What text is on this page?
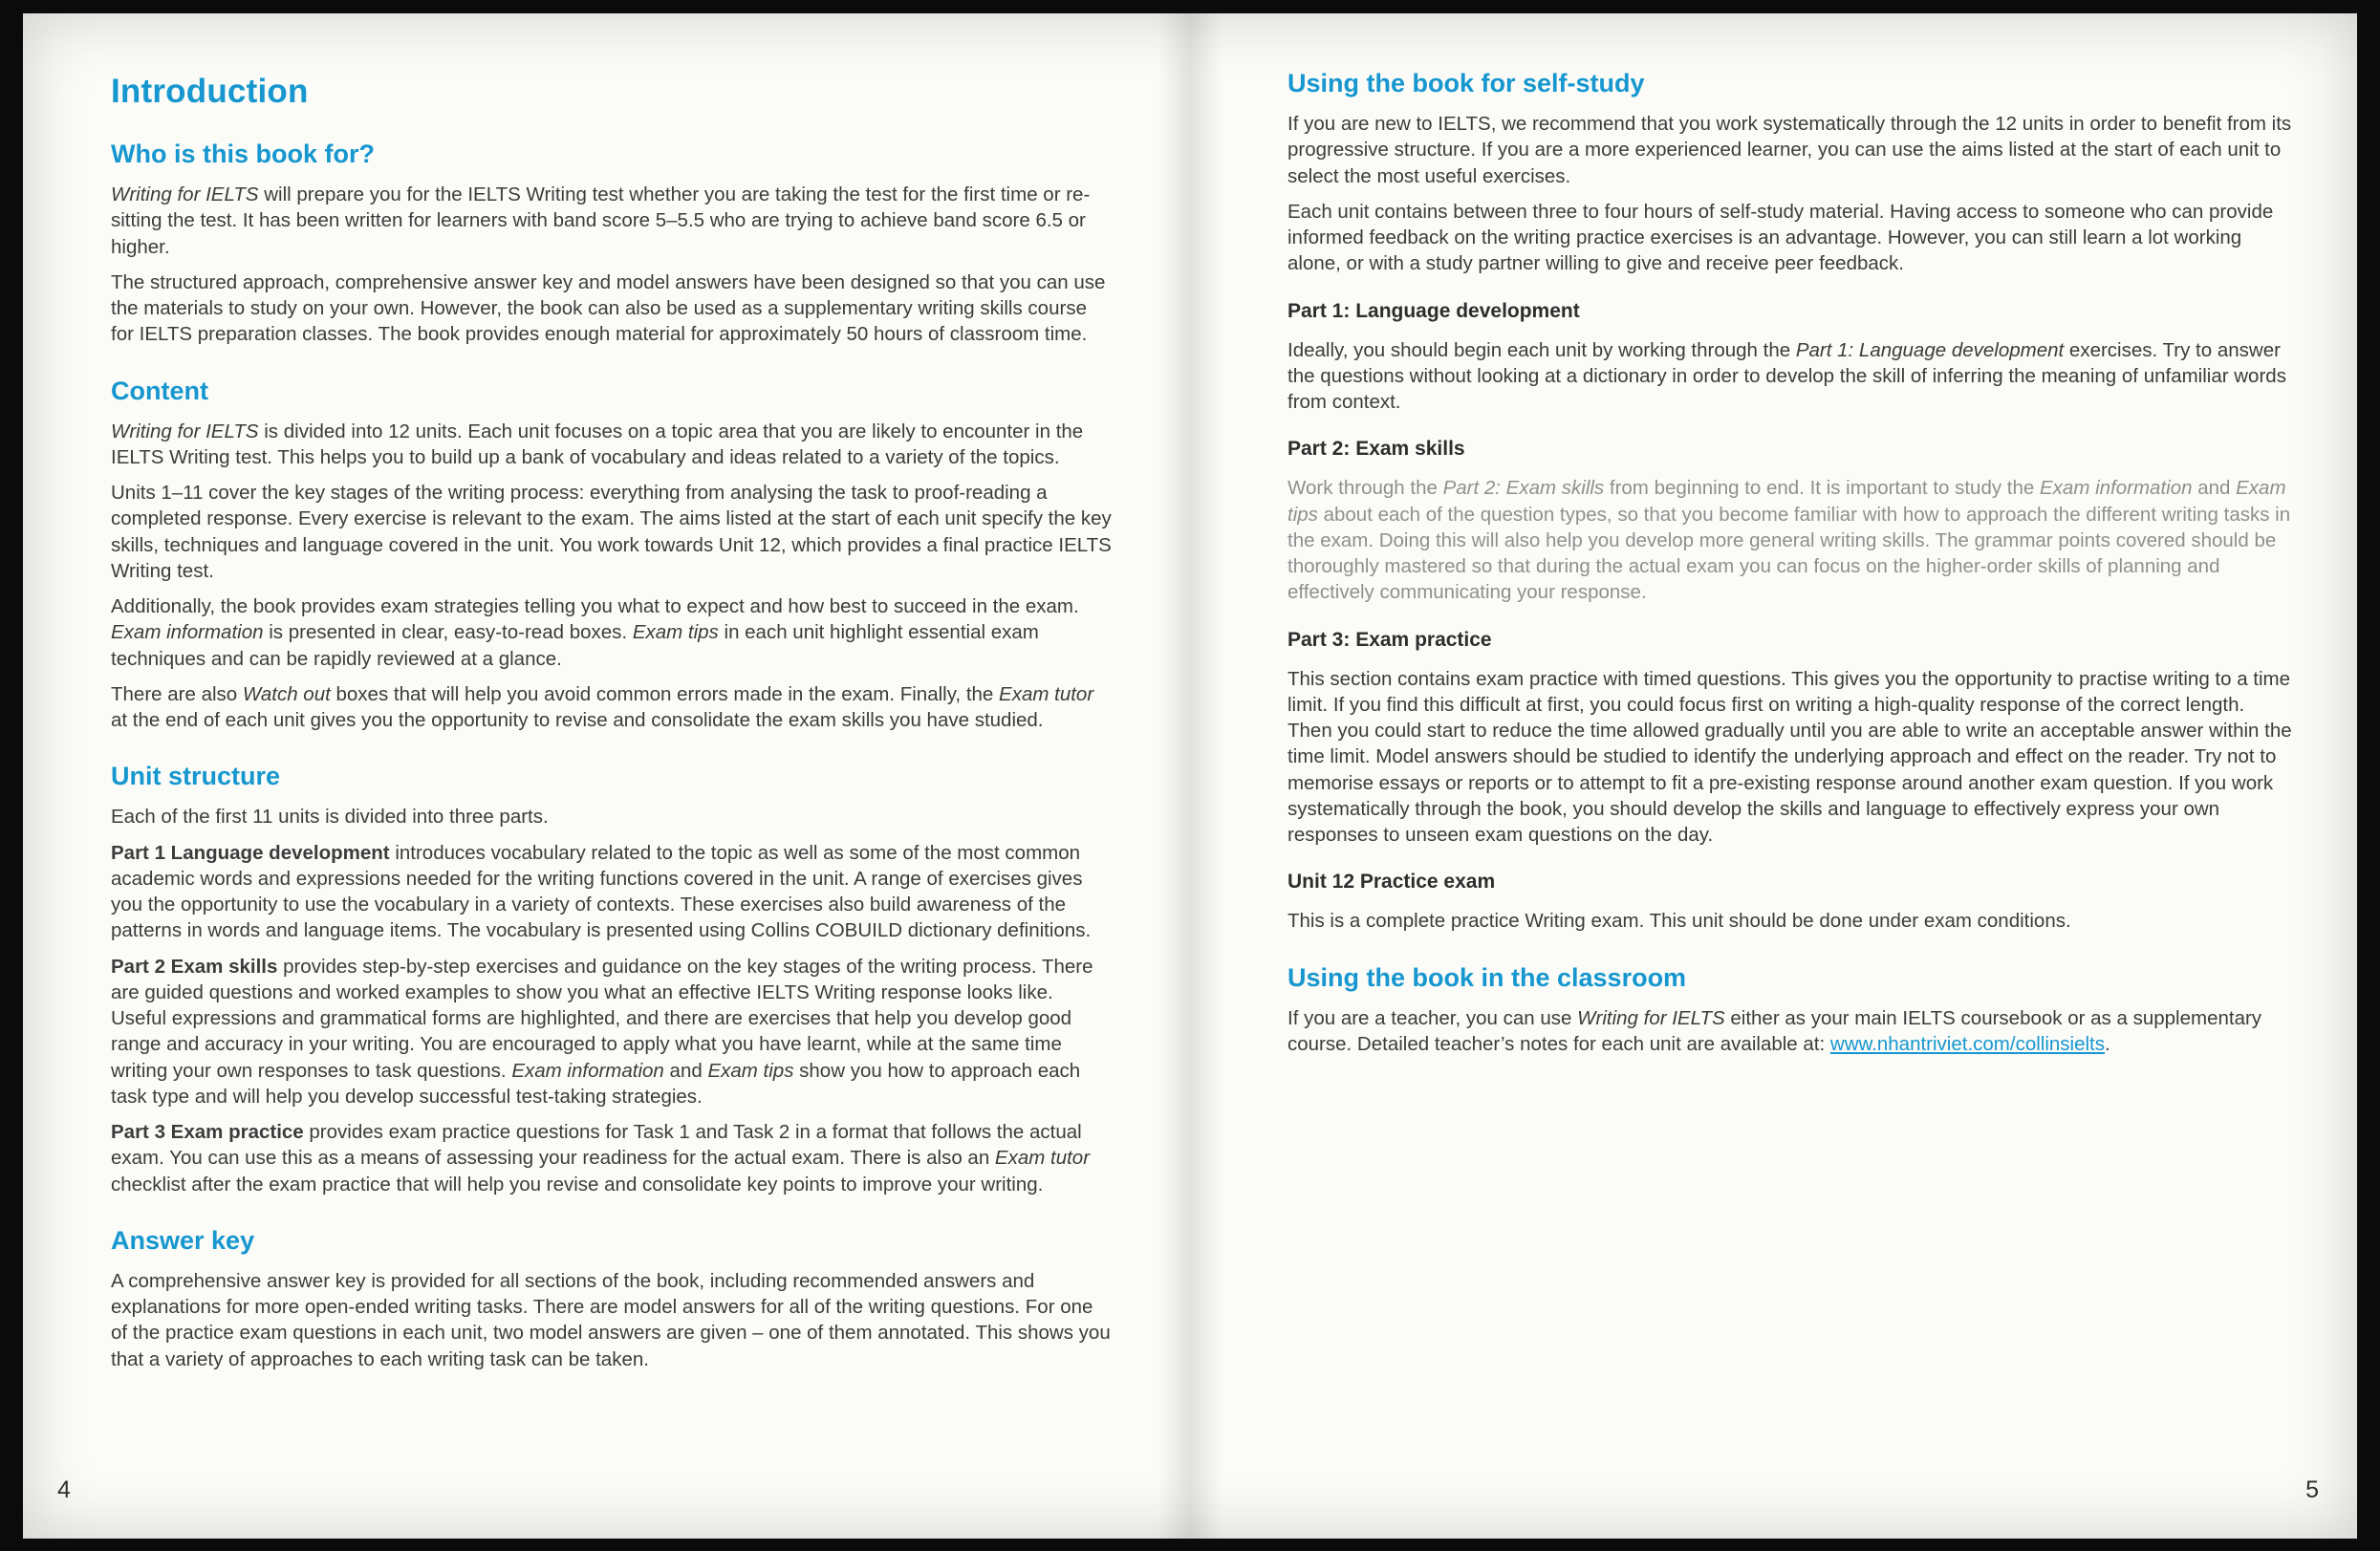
Introduction
Who is this book for?

Writing for IELTS will prepare you for the IELTS Writing test whether you are taking the test for the first time or re-sitting the test. It has been written for learners with band score 5–5.5 who are trying to achieve band score 6.5 or higher.

The structured approach, comprehensive answer key and model answers have been designed so that you can use the materials to study on your own. However, the book can also be used as a supplementary writing skills course for IELTS preparation classes. The book provides enough material for approximately 50 hours of classroom time.

Content

Writing for IELTS is divided into 12 units. Each unit focuses on a topic area that you are likely to encounter in the IELTS Writing test. This helps you to build up a bank of vocabulary and ideas related to a variety of the topics.

Units 1–11 cover the key stages of the writing process: everything from analysing the task to proof-reading a completed response. Every exercise is relevant to the exam. The aims listed at the start of each unit specify the key skills, techniques and language covered in the unit. You work towards Unit 12, which provides a final practice IELTS Writing test.

Additionally, the book provides exam strategies telling you what to expect and how best to succeed in the exam. Exam information is presented in clear, easy-to-read boxes. Exam tips in each unit highlight essential exam techniques and can be rapidly reviewed at a glance.

There are also Watch out boxes that will help you avoid common errors made in the exam. Finally, the Exam tutor at the end of each unit gives you the opportunity to revise and consolidate the exam skills you have studied.

Unit structure

Each of the first 11 units is divided into three parts.

Part 1 Language development introduces vocabulary related to the topic as well as some of the most common academic words and expressions needed for the writing functions covered in the unit. A range of exercises gives you the opportunity to use the vocabulary in a variety of contexts. These exercises also build awareness of the patterns in words and language items. The vocabulary is presented using Collins COBUILD dictionary definitions.

Part 2 Exam skills provides step-by-step exercises and guidance on the key stages of the writing process. There are guided questions and worked examples to show you what an effective IELTS Writing response looks like. Useful expressions and grammatical forms are highlighted, and there are exercises that help you develop good range and accuracy in your writing. You are encouraged to apply what you have learnt, while at the same time writing your own responses to task questions. Exam information and Exam tips show you how to approach each task type and will help you develop successful test-taking strategies.

Part 3 Exam practice provides exam practice questions for Task 1 and Task 2 in a format that follows the actual exam. You can use this as a means of assessing your readiness for the actual exam. There is also an Exam tutor checklist after the exam practice that will help you revise and consolidate key points to improve your writing.

Answer key

A comprehensive answer key is provided for all sections of the book, including recommended answers and explanations for more open-ended writing tasks. There are model answers for all of the writing questions. For one of the practice exam questions in each unit, two model answers are given – one of them annotated. This shows you that a variety of approaches to each writing task can be taken.

4
Using the book for self-study

If you are new to IELTS, we recommend that you work systematically through the 12 units in order to benefit from its progressive structure. If you are a more experienced learner, you can use the aims listed at the start of each unit to select the most useful exercises.

Each unit contains between three to four hours of self-study material. Having access to someone who can provide informed feedback on the writing practice exercises is an advantage. However, you can still learn a lot working alone, or with a study partner willing to give and receive peer feedback.

Part 1: Language development

Ideally, you should begin each unit by working through the Part 1: Language development exercises. Try to answer the questions without looking at a dictionary in order to develop the skill of inferring the meaning of unfamiliar words from context.

Part 2: Exam skills

Work through the Part 2: Exam skills from beginning to end. It is important to study the Exam information and Exam tips about each of the question types, so that you become familiar with how to approach the different writing tasks in the exam. Doing this will also help you develop more general writing skills. The grammar points covered should be thoroughly mastered so that during the actual exam you can focus on the higher-order skills of planning and effectively communicating your response.

Part 3: Exam practice

This section contains exam practice with timed questions. This gives you the opportunity to practise writing to a time limit. If you find this difficult at first, you could focus first on writing a high-quality response of the correct length. Then you could start to reduce the time allowed gradually until you are able to write an acceptable answer within the time limit. Model answers should be studied to identify the underlying approach and effect on the reader. Try not to memorise essays or reports or to attempt to fit a pre-existing response around another exam question. If you work systematically through the book, you should develop the skills and language to effectively express your own responses to unseen exam questions on the day.

Unit 12 Practice exam

This is a complete practice Writing exam. This unit should be done under exam conditions.

Using the book in the classroom

If you are a teacher, you can use Writing for IELTS either as your main IELTS coursebook or as a supplementary course. Detailed teacher’s notes for each unit are available at: www.nhantriviet.com/collinsielts.

5
